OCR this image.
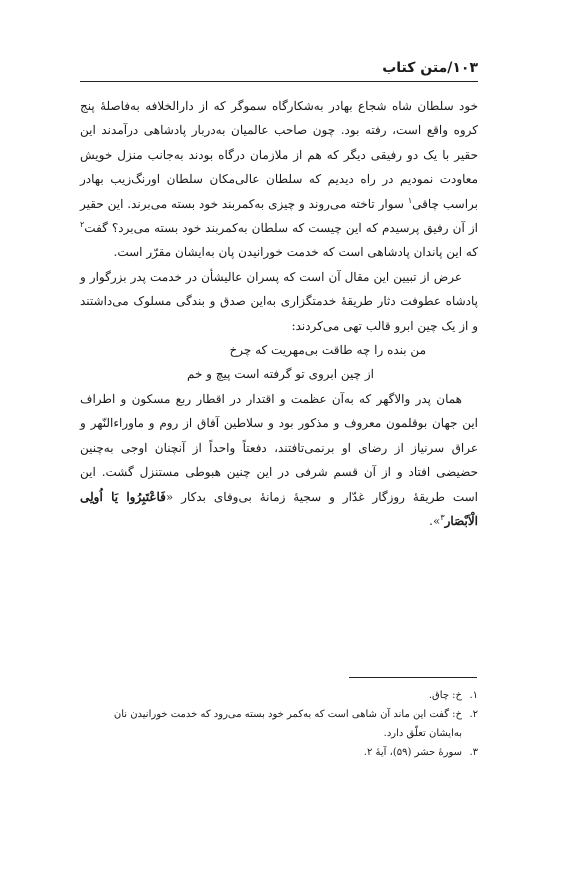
۱۰۳/متن کتاب

خود سلطان شاه شجاع بهادر به‌شکارگاه سموگر که از دارالخلافه به‌فاصلهٔ پنج کروه واقع است، رفته بود. چون صاحب عالمیان به‌دربار پادشاهی درآمدند این حقیر با یک دو رفیقی دیگر که هم از ملازمان درگاه بودند به‌جانب منزل خویش معاودت نمودیم در راه دیدیم که سلطان عالی‌مکان سلطان اورنگ‌زیب بهادر براسب چاقی$^۱$ سوار تاخته می‌روند و چیزی به‌کمربند خود بسته می‌برند. این حقیر از آن رفیق پرسیدم که این چیست که سلطان به‌کمربند خود بسته می‌برد؟ گفت$^۲$ که این پاندان پادشاهی است که خدمت خورانیدن پان به‌ایشان مقرّر است.

عرض از تبیین این مقال آن است که پسران عالیشأن در خدمت پدر بزرگوار و پادشاه عطوفت دثار طریقهٔ خدمتگزاری به‌این صدق و بندگی مسلوک می‌داشتند و از یک چین ابرو قالب تهی می‌کردند:

من بنده را چه طاقت بی‌مهریت که چرخ

از چین ابروی تو گرفته است پیچ و خم

همان پدر والاگهر که به‌آن عظمت و اقتدار در اقطار ربع مسکون و اطراف این جهان بوقلمون معروف و مذکور بود و سلاطین آفاق از روم و ماوراءالنّهر و عراق سرنیاز از رضای او برنمی‌تافتند، دفعتاً واحداً از آنچنان اوجی به‌چنین حضیضی افتاد و از آن قسم شرفی در این چنین هبوطی مستنزل گشت. این است طریقهٔ روزگار غدّار و سجیهٔ زمانهٔ بی‌وفای بدکار «فَاعْتَبِرُوا یَا اُولِی الْاَبْصَار$^۳$».

۱.
خ: چاق.
۲.
خ: گفت این ماند آن شاهی است که به‌کمر خود بسته می‌رود که خدمت خورانیدن نان به‌ایشان تعلّق دارد.
۳.
سورهٔ حشر (۵۹)، آیهٔ ۲.
